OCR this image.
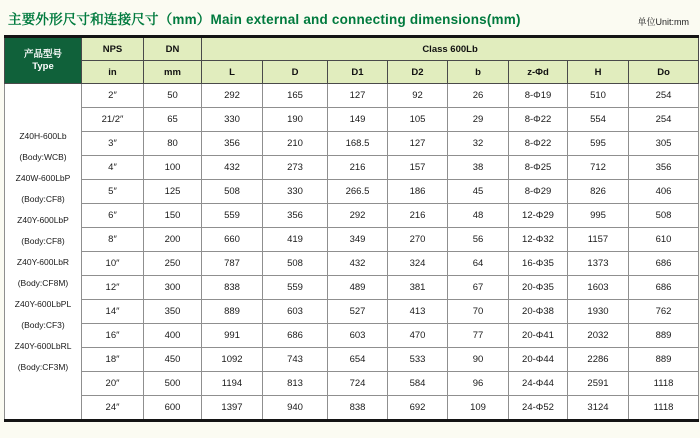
主要外形尺寸和连接尺寸（mm）Main external and connecting dimensions(mm)	单位Unit:mm
产品型号
Type	NPS	DN	Class 600Lb							
	in	mm	L	D	D1	D2	b	z-Φd	H	Do

Z40H-600Lb
(Body:WCB)
Z40W-600LbP
(Body:CF8)
Z40Y-600LbP
(Body:CF8)
Z40Y-600LbR
(Body:CF8M)
Z40Y-600LbPL
(Body:CF3)
Z40Y-600LbRL
(Body:CF3M)
	2″	50	292	165	127	92	26	8-Φ19	510	254
	21/2″	65	330	190	149	105	29	8-Φ22	554	254
	3″	80	356	210	168.5	127	32	8-Φ22	595	305
	4″	100	432	273	216	157	38	8-Φ25	712	356
	5″	125	508	330	266.5	186	45	8-Φ29	826	406
	6″	150	559	356	292	216	48	12-Φ29	995	508
	8″	200	660	419	349	270	56	12-Φ32	1157	610
	10″	250	787	508	432	324	64	16-Φ35	1373	686
	12″	300	838	559	489	381	67	20-Φ35	1603	686
	14″	350	889	603	527	413	70	20-Φ38	1930	762
	16″	400	991	686	603	470	77	20-Φ41	2032	889
	18″	450	1092	743	654	533	90	20-Φ44	2286	889
	20″	500	1194	813	724	584	96	24-Φ44	2591	1118
	24″	600	1397	940	838	692	109	24-Φ52	3124	1118
